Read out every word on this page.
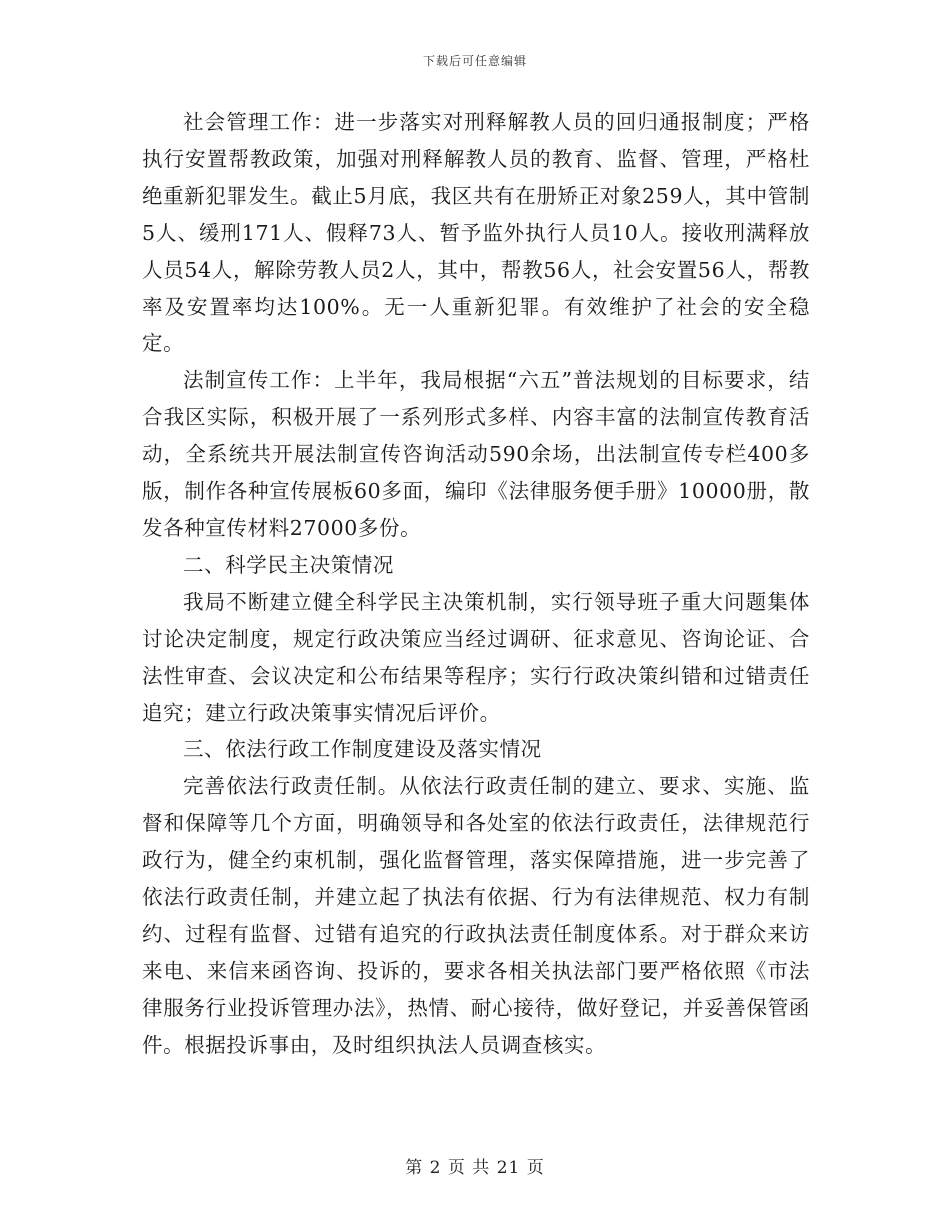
下载后可任意编辑

社会管理工作：进一步落实对刑释解教人员的回归通报制度；严格执行安置帮教政策，加强对刑释解教人员的教育、监督、管理，严格杜绝重新犯罪发生。截止5月底，我区共有在册矫正对象259人，其中管制5人、缓刑171人、假释73人、暂予监外执行人员10人。接收刑满释放人员54人，解除劳教人员2人，其中，帮教56人，社会安置56人，帮教率及安置率均达100%。无一人重新犯罪。有效维护了社会的安全稳定。

法制宣传工作：上半年，我局根据“六五”普法规划的目标要求，结合我区实际，积极开展了一系列形式多样、内容丰富的法制宣传教育活动，全系统共开展法制宣传咨询活动590余场，出法制宣传专栏400多版，制作各种宣传展板60多面，编印《法律服务便手册》10000册，散发各种宣传材料27000多份。

二、科学民主决策情况

我局不断建立健全科学民主决策机制，实行领导班子重大问题集体讨论决定制度，规定行政决策应当经过调研、征求意见、咨询论证、合法性审查、会议决定和公布结果等程序；实行行政决策纠错和过错责任追究；建立行政决策事实情况后评价。

三、依法行政工作制度建设及落实情况

完善依法行政责任制。从依法行政责任制的建立、要求、实施、监督和保障等几个方面，明确领导和各处室的依法行政责任，法律规范行政行为，健全约束机制，强化监督管理，落实保障措施，进一步完善了依法行政责任制，并建立起了执法有依据、行为有法律规范、权力有制约、过程有监督、过错有追究的行政执法责任制度体系。对于群众来访来电、来信来函咨询、投诉的，要求各相关执法部门要严格依照《市法律服务行业投诉管理办法》，热情、耐心接待，做好登记，并妥善保管函件。根据投诉事由，及时组织执法人员调查核实。

第 2 页 共 21 页
